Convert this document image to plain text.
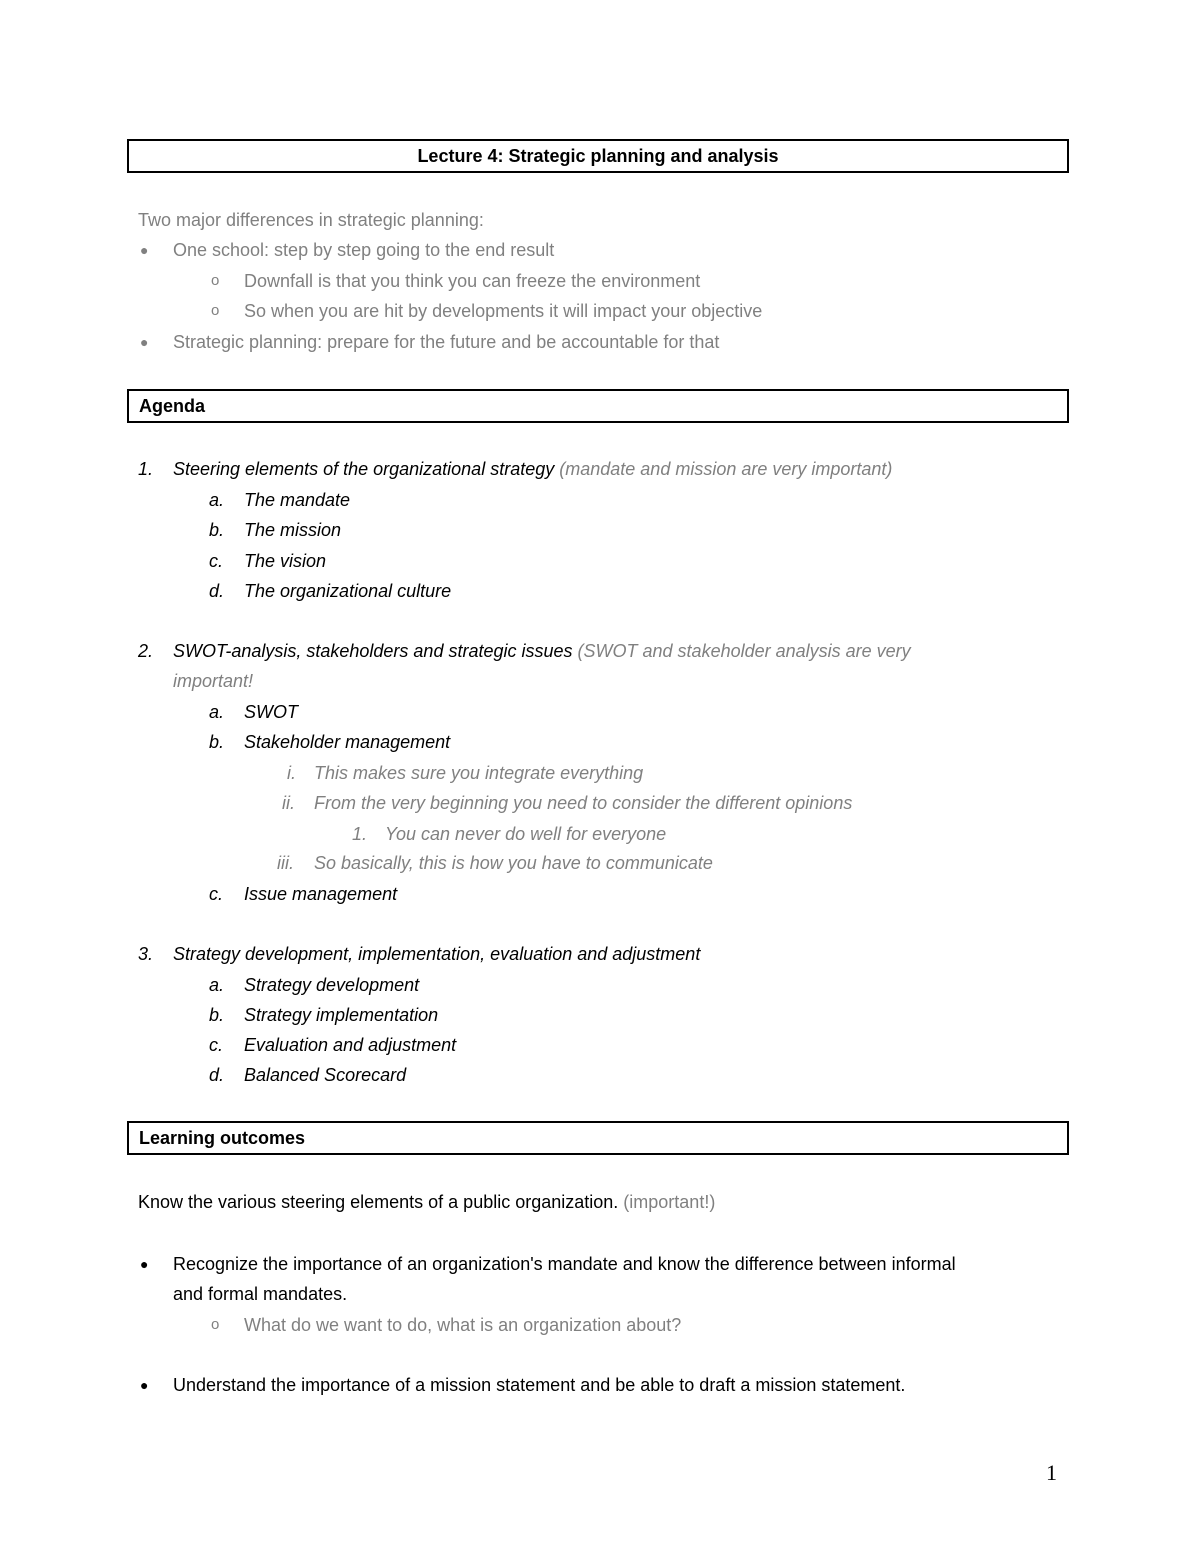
Lecture 4: Strategic planning and analysis
Two major differences in strategic planning:
● One school: step by step going to the end result
o Downfall is that you think you can freeze the environment
o So when you are hit by developments it will impact your objective
● Strategic planning: prepare for the future and be accountable for that
Agenda
1. Steering elements of the organizational strategy (mandate and mission are very important)
a. The mandate
b. The mission
c. The vision
d. The organizational culture
2. SWOT-analysis, stakeholders and strategic issues (SWOT and stakeholder analysis are very
important!
a. SWOT
b. Stakeholder management
i. This makes sure you integrate everything
ii. From the very beginning you need to consider the different opinions
1. You can never do well for everyone
iii. So basically, this is how you have to communicate
c. Issue management
3. Strategy development, implementation, evaluation and adjustment
a. Strategy development
b. Strategy implementation
c. Evaluation and adjustment
d. Balanced Scorecard
Learning outcomes
Know the various steering elements of a public organization. (important!)
● Recognize the importance of an organization's mandate and know the difference between informal
and formal mandates.
o What do we want to do, what is an organization about?
● Understand the importance of a mission statement and be able to draft a mission statement.
1
